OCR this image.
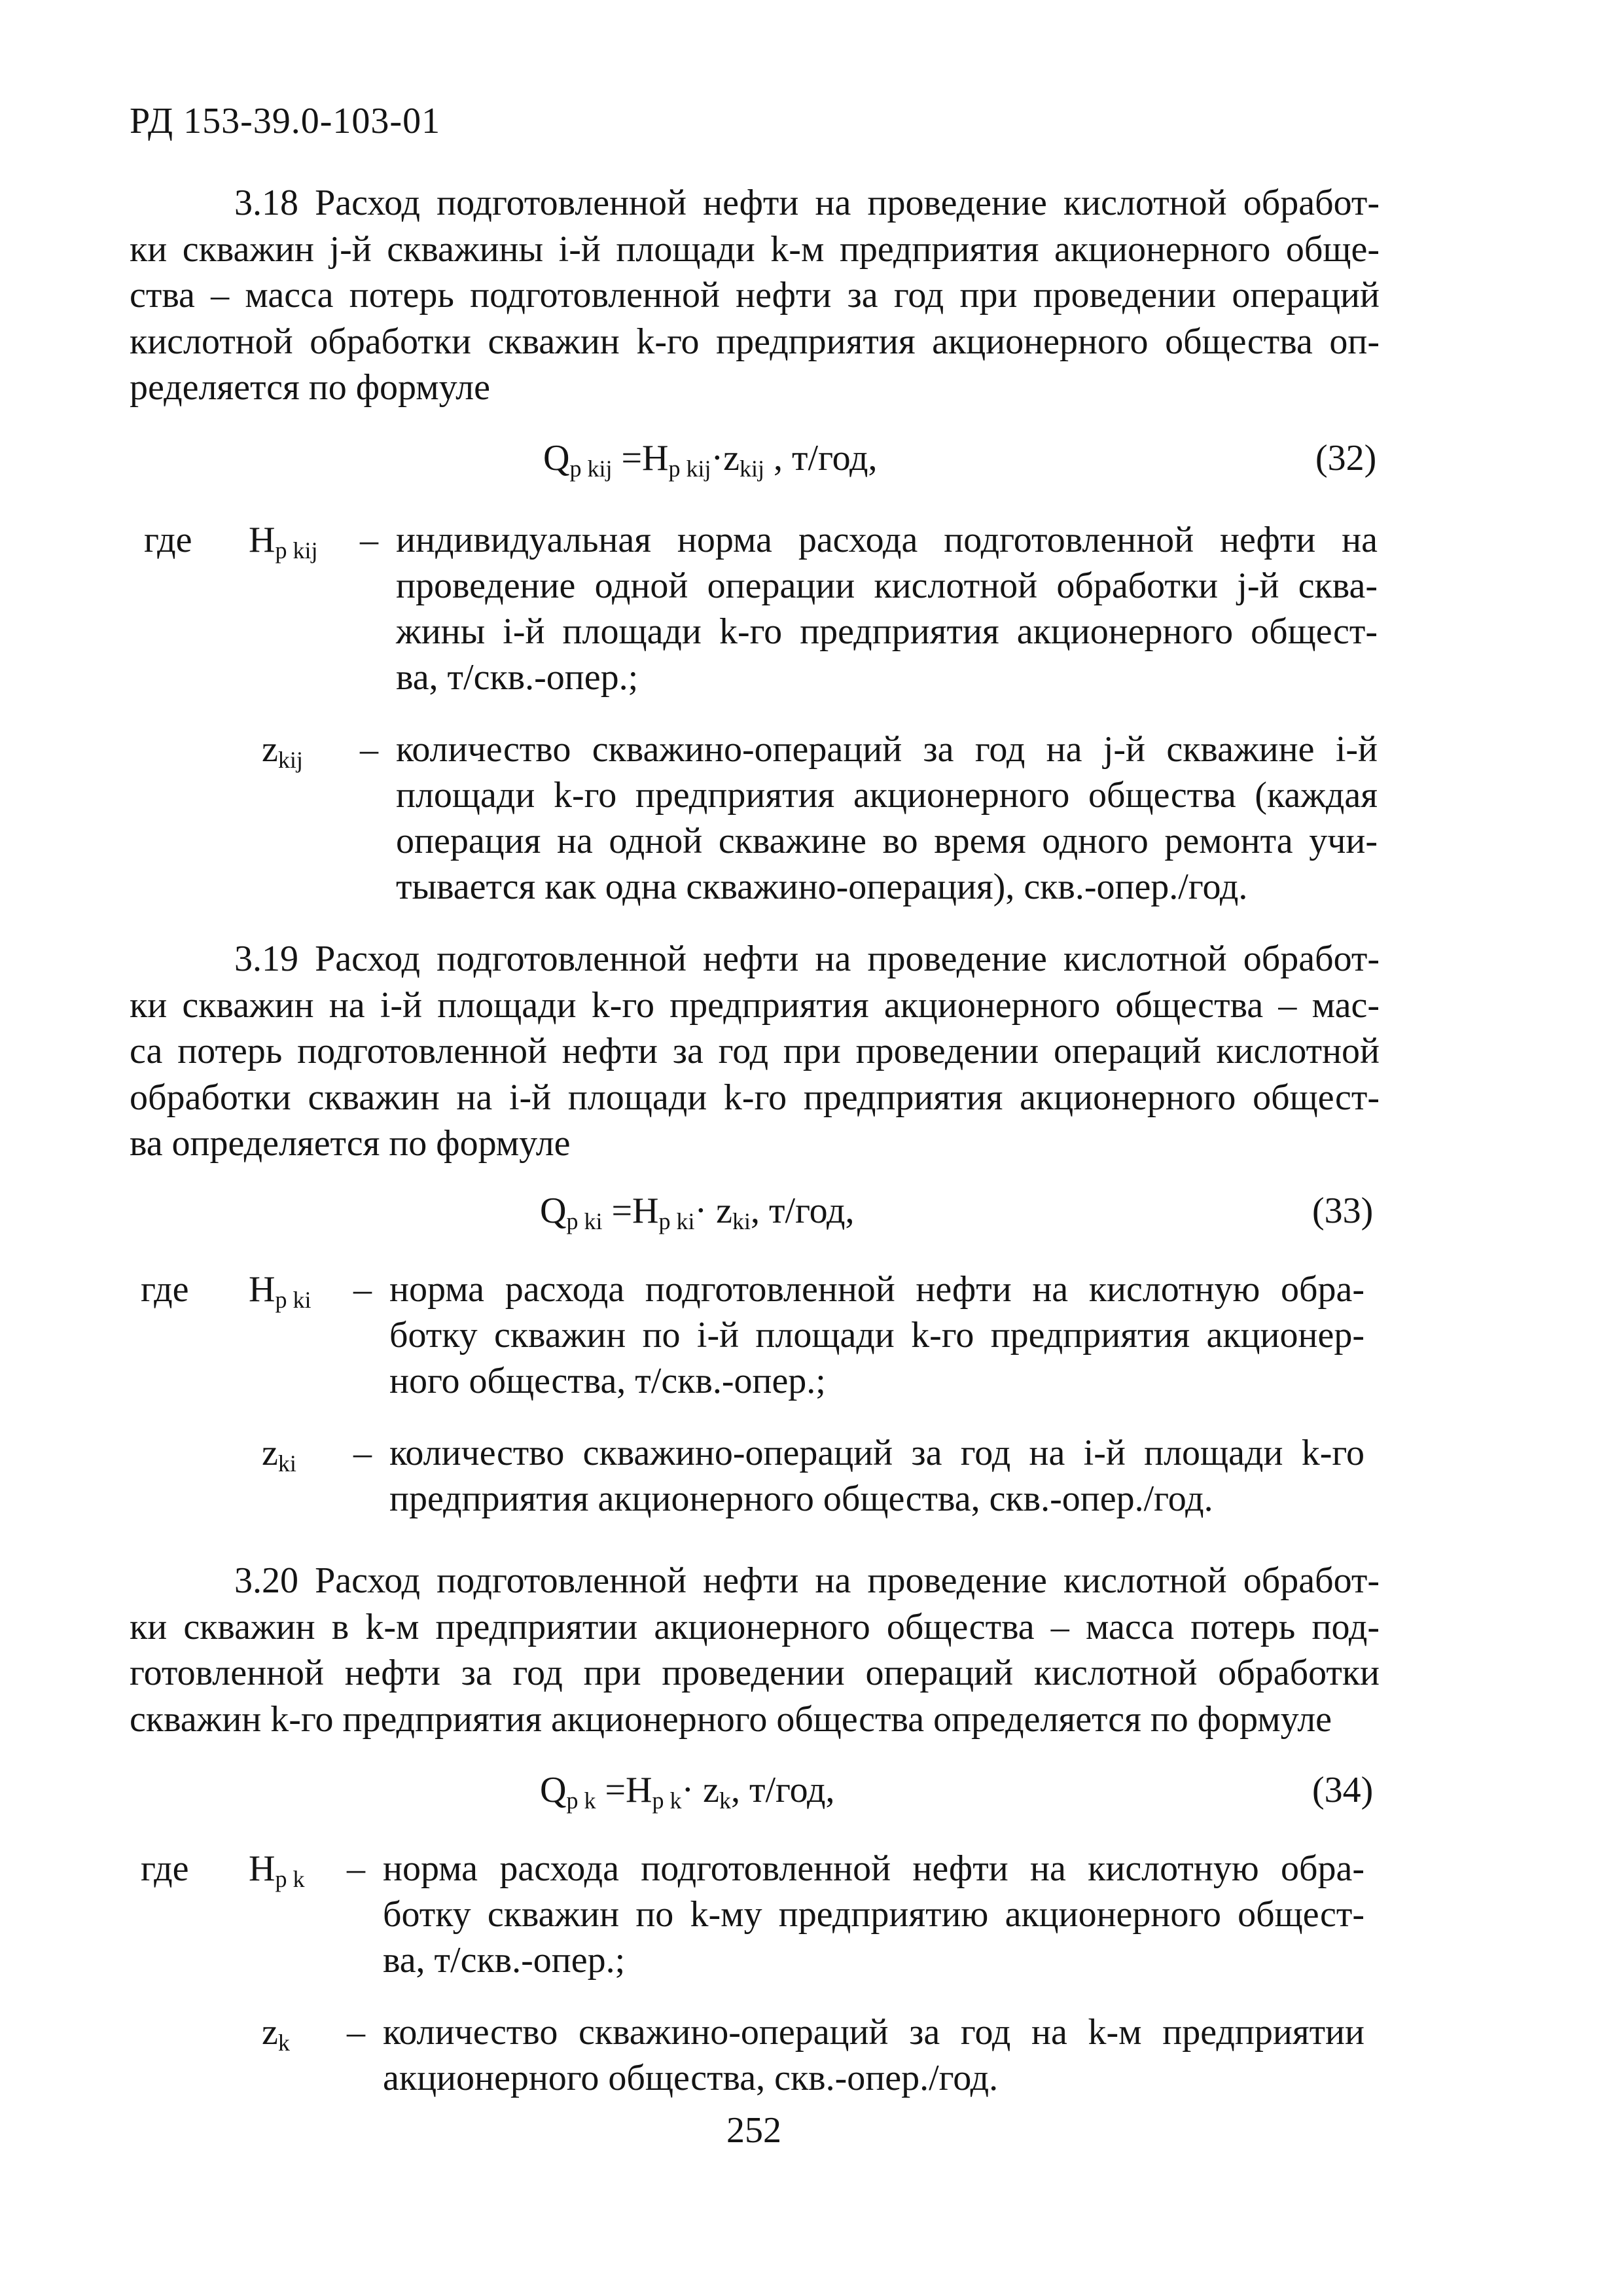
РД 153-39.0-103-01
3.18 Расход подготовленной нефти на проведение кислотной обработ-
ки скважин j-й скважины i-й площади k-м предприятия акционерного обще-
ства – масса потерь подготовленной нефти за год при проведении операций
кислотной обработки скважин k-го предприятия акционерного общества оп-
ределяется по формуле
$Q_{р kij} =Н_{р kij}\cdot z_{kij}$ , т/год,	(32)
где $Н_{р kij}$ – индивидуальная норма расхода подготовленной нефти на
проведение одной операции кислотной обработки j-й сква-
жины i-й площади k-го предприятия акционерного общест-
ва, т/скв.-опер.;
$z_{kij}$ – количество скважино-операций за год на j-й скважине i-й
площади k-го предприятия акционерного общества (каждая
операция на одной скважине во время одного ремонта учи-
тывается как одна скважино-операция), скв.-опер./год.
3.19 Расход подготовленной нефти на проведение кислотной обработ-
ки скважин на i-й площади k-го предприятия акционерного общества – мас-
са потерь подготовленной нефти за год при проведении операций кислотной
обработки скважин на i-й площади k-го предприятия акционерного общест-
ва определяется по формуле
$Q_{р ki} =Н_{р ki}\cdot z_{ki}$, т/год,	(33)
где $Н_{р ki}$ – норма расхода подготовленной нефти на кислотную обра-
ботку скважин по i-й площади k-го предприятия акционер-
ного общества, т/скв.-опер.;
$z_{ki}$ – количество скважино-операций за год на i-й площади k-го
предприятия акционерного общества, скв.-опер./год.
3.20 Расход подготовленной нефти на проведение кислотной обработ-
ки скважин в k-м предприятии акционерного общества – масса потерь под-
готовленной нефти за год при проведении операций кислотной обработки
скважин k-го предприятия акционерного общества определяется по формуле
$Q_{р k} =Н_{р k}\cdot z_k$, т/год,	(34)
где $Н_{р k}$ – норма расхода подготовленной нефти на кислотную обра-
ботку скважин по k-му предприятию акционерного общест-
ва, т/скв.-опер.;
$z_k$ – количество скважино-операций за год на k-м предприятии
акционерного общества, скв.-опер./год.
252
